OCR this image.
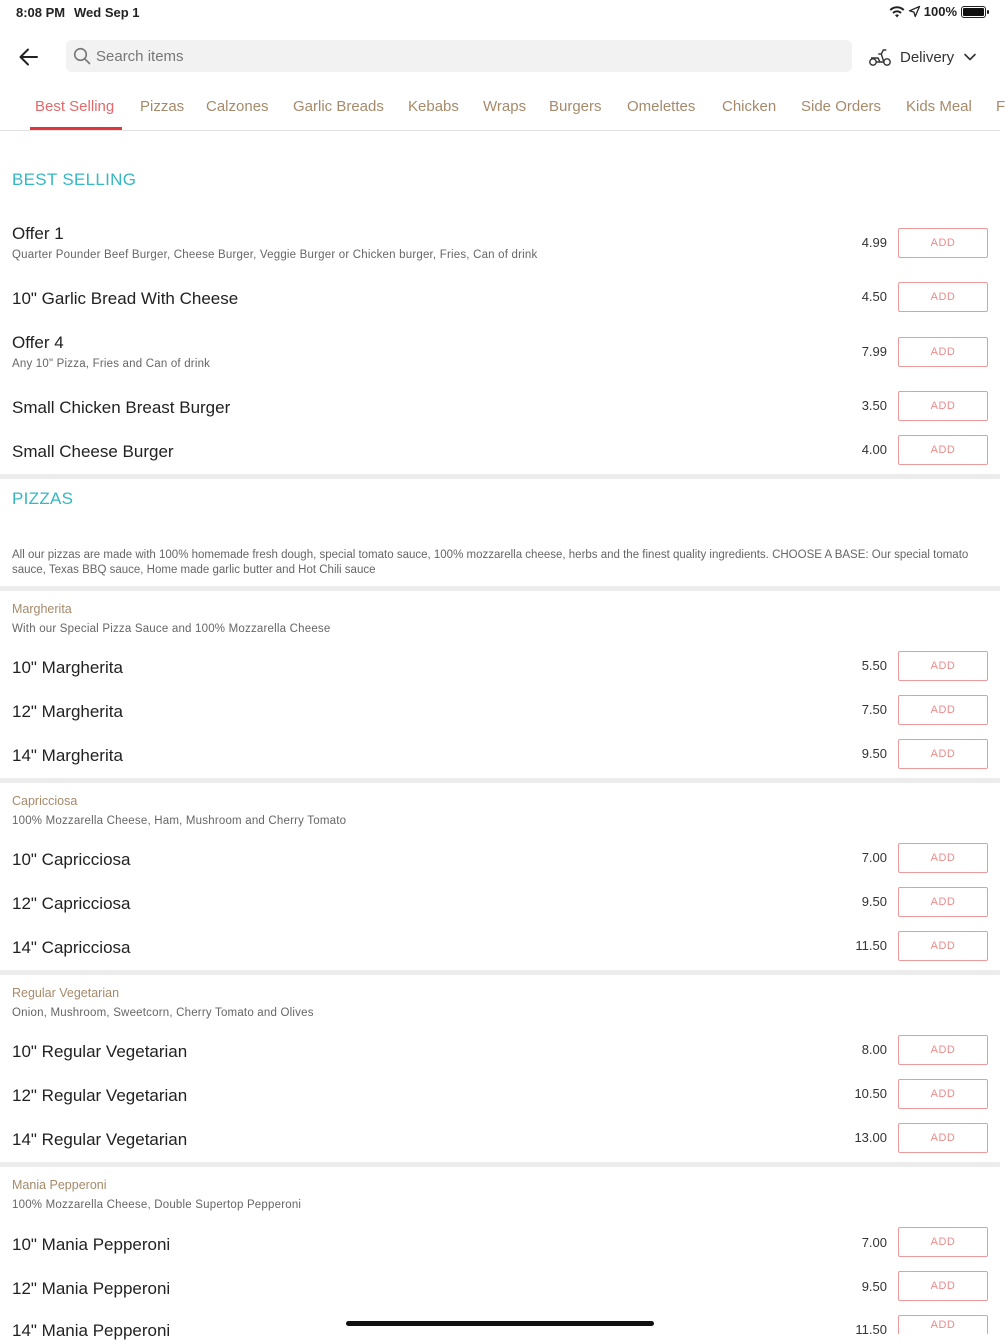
8:08 PM Wed Sep 1	100%
Search items
Delivery
Best Selling Pizzas Calzones Garlic Breads Kebabs Wraps Burgers Omelettes Chicken Side Orders Kids Meal F
BEST SELLING
Offer 1
Quarter Pounder Beef Burger, Cheese Burger, Veggie Burger or Chicken burger, Fries, Can of drink
4.99	ADD
10" Garlic Bread With Cheese	4.50	ADD
Offer 4
Any 10" Pizza, Fries and Can of drink
7.99	ADD
Small Chicken Breast Burger	3.50	ADD
Small Cheese Burger	4.00	ADD
PIZZAS
All our pizzas are made with 100% homemade fresh dough, special tomato sauce, 100% mozzarella cheese, herbs and the finest quality ingredients. CHOOSE A BASE: Our special tomato sauce, Texas BBQ sauce, Home made garlic butter and Hot Chili sauce
Margherita
With our Special Pizza Sauce and 100% Mozzarella Cheese
10" Margherita	5.50	ADD
12" Margherita	7.50	ADD
14" Margherita	9.50	ADD
Capricciosa
100% Mozzarella Cheese, Ham, Mushroom and Cherry Tomato
10" Capricciosa	7.00	ADD
12" Capricciosa	9.50	ADD
14" Capricciosa	11.50	ADD
Regular Vegetarian
Onion, Mushroom, Sweetcorn, Cherry Tomato and Olives
10" Regular Vegetarian	8.00	ADD
12" Regular Vegetarian	10.50	ADD
14" Regular Vegetarian	13.00	ADD
Mania Pepperoni
100% Mozzarella Cheese, Double Supertop Pepperoni
10" Mania Pepperoni	7.00	ADD
12" Mania Pepperoni	9.50	ADD
14" Mania Pepperoni	11.50	ADD
